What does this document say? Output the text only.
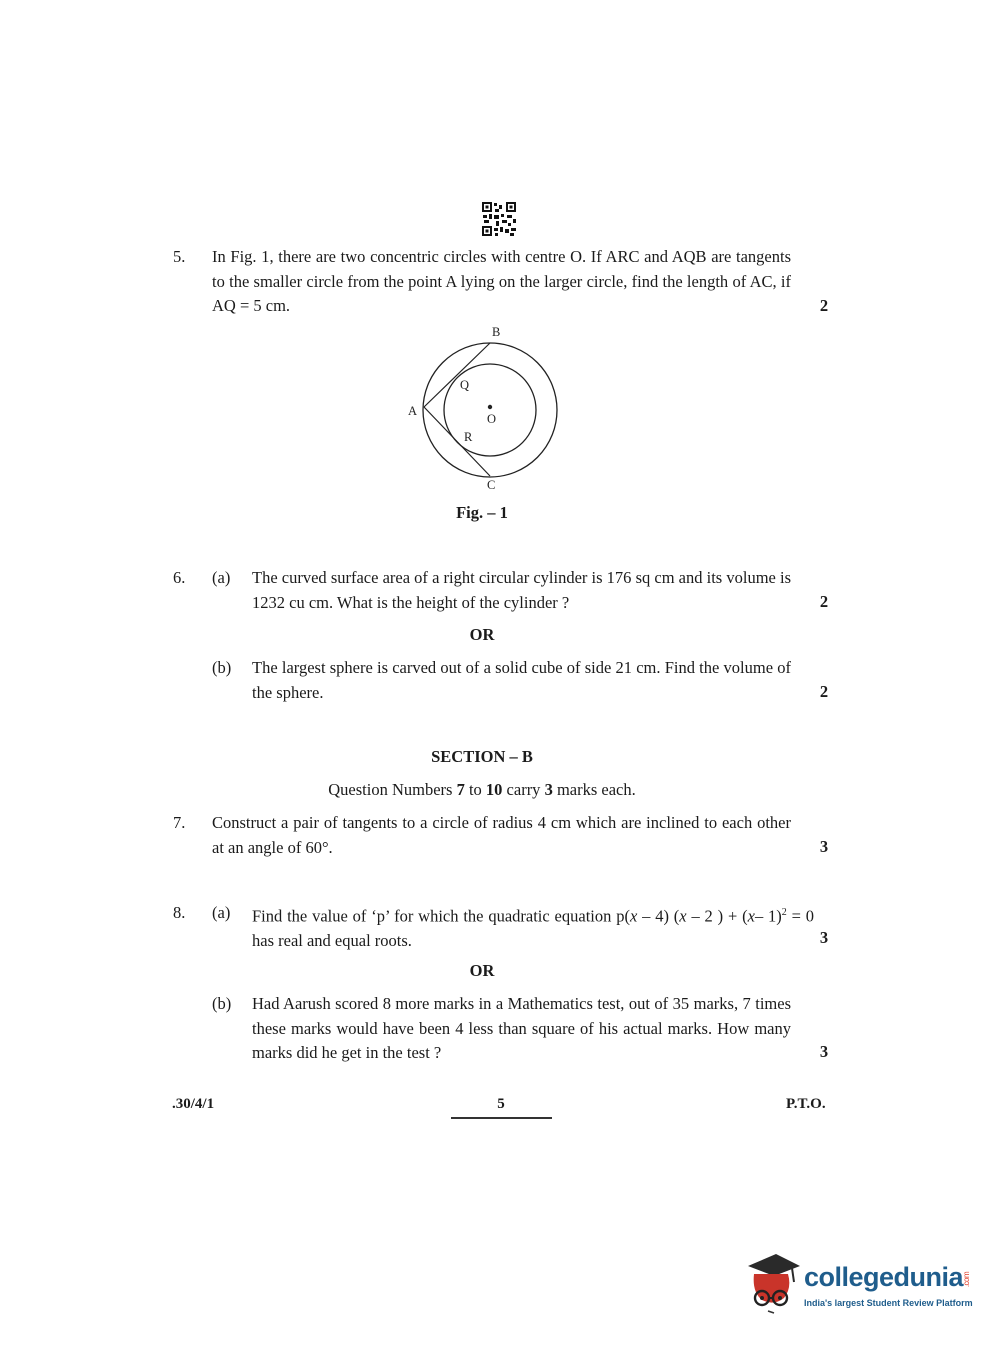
5. In Fig. 1, there are two concentric circles with centre O. If ARC and AQB are tangents to the smaller circle from the point A lying on the larger circle, find the length of AC, if AQ = 5 cm.	2
B
Q
A
O
R
C
Fig. – 1
6. (a) The curved surface area of a right circular cylinder is 176 sq cm and its volume is 1232 cu cm. What is the height of the cylinder ?	2
OR
(b) The largest sphere is carved out of a solid cube of side 21 cm. Find the volume of the sphere.	2
SECTION – B
Question Numbers 7 to 10 carry 3 marks each.
7. Construct a pair of tangents to a circle of radius 4 cm which are inclined to each other at an angle of 60°.	3
8. (a) Find the value of ‘p’ for which the quadratic equation p(x – 4) (x – 2 ) + (x– 1)$^2$ = 0 has real and equal roots.	3
OR
(b) Had Aarush scored 8 more marks in a Mathematics test, out of 35 marks, 7 times these marks would have been 4 less than square of his actual marks. How many marks did he get in the test ?	3
.30/4/1	5	P.T.O.
collegedunia.com
India's largest Student Review Platform
